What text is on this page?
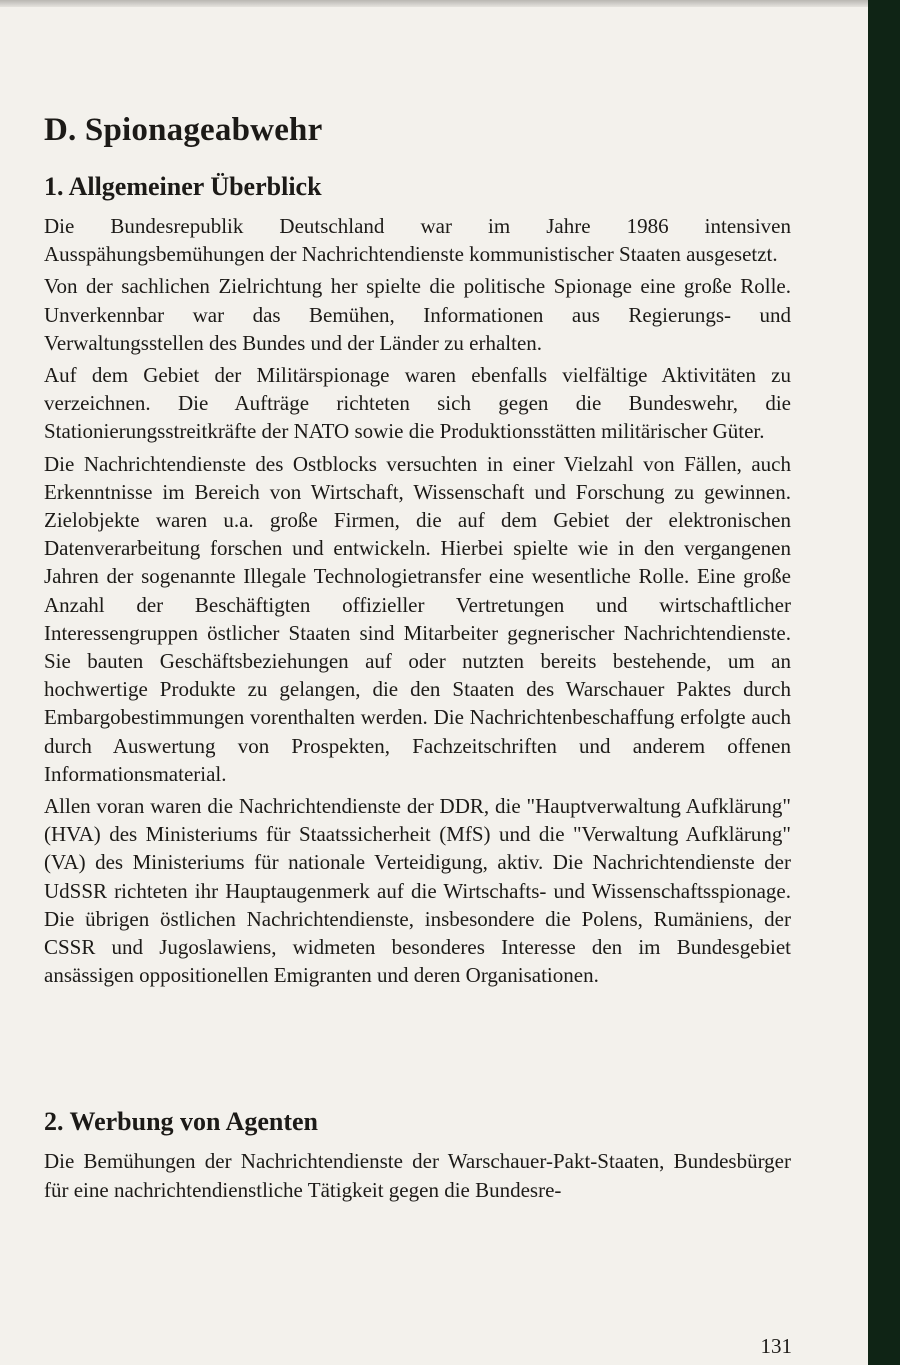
D. Spionageabwehr
1. Allgemeiner Überblick

Die Bundesrepublik Deutschland war im Jahre 1986 intensiven Ausspähungsbemühungen der Nachrichtendienste kommunistischer Staaten ausgesetzt.

Von der sachlichen Zielrichtung her spielte die politische Spionage eine große Rolle. Unverkennbar war das Bemühen, Informationen aus Regierungs- und Verwaltungsstellen des Bundes und der Länder zu erhalten.

Auf dem Gebiet der Militärspionage waren ebenfalls vielfältige Aktivitäten zu verzeichnen. Die Aufträge richteten sich gegen die Bundeswehr, die Stationierungsstreitkräfte der NATO sowie die Produktionsstätten militärischer Güter.

Die Nachrichtendienste des Ostblocks versuchten in einer Vielzahl von Fällen, auch Erkenntnisse im Bereich von Wirtschaft, Wissenschaft und Forschung zu gewinnen. Zielobjekte waren u.a. große Firmen, die auf dem Gebiet der elektronischen Datenverarbeitung forschen und entwickeln. Hierbei spielte wie in den vergangenen Jahren der sogenannte Illegale Technologietransfer eine wesentliche Rolle. Eine große Anzahl der Beschäftigten offizieller Vertretungen und wirtschaftlicher Interessengruppen östlicher Staaten sind Mitarbeiter gegnerischer Nachrichtendienste. Sie bauten Geschäftsbeziehungen auf oder nutzten bereits bestehende, um an hochwertige Produkte zu gelangen, die den Staaten des Warschauer Paktes durch Embargobestimmungen vorenthalten werden. Die Nachrichtenbeschaffung erfolgte auch durch Auswertung von Prospekten, Fachzeitschriften und anderem offenen Informationsmaterial.

Allen voran waren die Nachrichtendienste der DDR, die "Hauptverwaltung Aufklärung" (HVA) des Ministeriums für Staatssicherheit (MfS) und die "Verwaltung Aufklärung" (VA) des Ministeriums für nationale Verteidigung, aktiv. Die Nachrichtendienste der UdSSR richteten ihr Hauptaugenmerk auf die Wirtschafts- und Wissenschaftsspionage. Die übrigen östlichen Nachrichtendienste, insbesondere die Polens, Rumäniens, der CSSR und Jugoslawiens, widmeten besonderes Interesse den im Bundesgebiet ansässigen oppositionellen Emigranten und deren Organisationen.

2. Werbung von Agenten

Die Bemühungen der Nachrichtendienste der Warschauer-Pakt-Staaten, Bundesbürger für eine nachrichtendienstliche Tätigkeit gegen die Bundesre-

131
